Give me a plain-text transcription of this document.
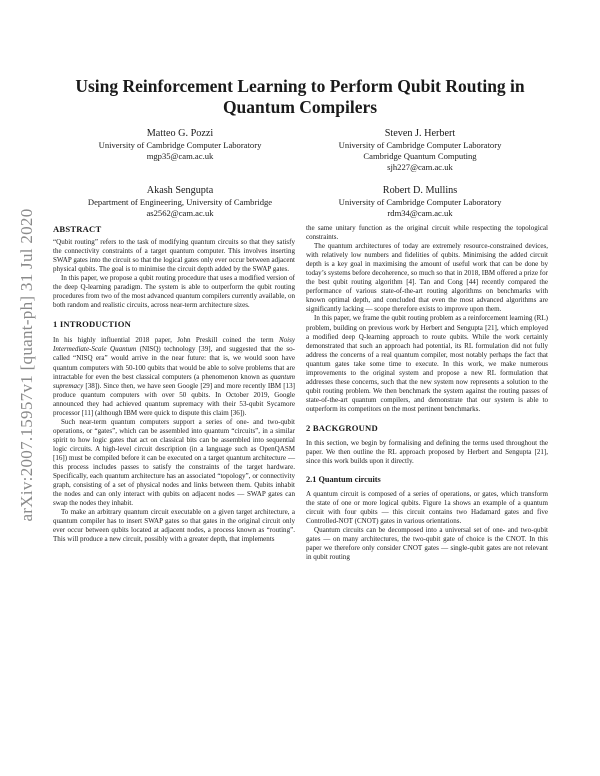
arXiv:2007.15957v1 [quant-ph] 31 Jul 2020
Using Reinforcement Learning to Perform Qubit Routing in
Quantum Compilers
Matteo G. Pozzi
University of Cambridge Computer Laboratory
mgp35@cam.ac.uk
Steven J. Herbert
University of Cambridge Computer Laboratory
Cambridge Quantum Computing
sjh227@cam.ac.uk
Akash Sengupta
Department of Engineering, University of Cambridge
as2562@cam.ac.uk
Robert D. Mullins
University of Cambridge Computer Laboratory
rdm34@cam.ac.uk
ABSTRACT

“Qubit routing” refers to the task of modifying quantum circuits so that they satisfy the connectivity constraints of a target quantum computer. This involves inserting SWAP gates into the circuit so that the logical gates only ever occur between adjacent physical qubits. The goal is to minimise the circuit depth added by the SWAP gates.

In this paper, we propose a qubit routing procedure that uses a modified version of the deep Q-learning paradigm. The system is able to outperform the qubit routing procedures from two of the most advanced quantum compilers currently available, on both random and realistic circuits, across near-term architecture sizes.

1 INTRODUCTION

In his highly influential 2018 paper, John Preskill coined the term Noisy Intermediate-Scale Quantum (NISQ) technology [39], and suggested that the so-called “NISQ era” would arrive in the near future: that is, we would soon have quantum computers with 50-100 qubits that would be able to solve problems that are intractable for even the best classical computers (a phenomenon known as quantum supremacy [38]). Since then, we have seen Google [29] and more recently IBM [13] produce quantum computers with over 50 qubits. In October 2019, Google announced they had achieved quantum supremacy with their 53-qubit Sycamore processor [11] (although IBM were quick to dispute this claim [36]).

Such near-term quantum computers support a series of one- and two-qubit operations, or “gates”, which can be assembled into quantum “circuits”, in a similar spirit to how logic gates that act on classical bits can be assembled into sequential logic circuits. A high-level circuit description (in a language such as OpenQASM [16]) must be compiled before it can be executed on a target quantum architecture — this process includes passes to satisfy the constraints of the target hardware. Specifically, each quantum architecture has an associated “topology”, or connectivity graph, consisting of a set of physical nodes and links between them. Qubits inhabit the nodes and can only interact with qubits on adjacent nodes — SWAP gates can swap the nodes they inhabit.

To make an arbitrary quantum circuit executable on a given target architecture, a quantum compiler has to insert SWAP gates so that gates in the original circuit only ever occur between qubits located at adjacent nodes, a process known as “routing”. This will produce a new circuit, possibly with a greater depth, that implements

the same unitary function as the original circuit while respecting the topological constraints.

The quantum architectures of today are extremely resource-constrained devices, with relatively low numbers and fidelities of qubits. Minimising the added circuit depth is a key goal in maximising the amount of useful work that can be done by today’s systems before decoherence, so much so that in 2018, IBM offered a prize for the best qubit routing algorithm [4]. Tan and Cong [44] recently compared the performance of various state-of-the-art routing algorithms on benchmarks with known optimal depth, and concluded that even the most advanced algorithms are significantly lacking — scope therefore exists to improve upon them.

In this paper, we frame the qubit routing problem as a reinforcement learning (RL) problem, building on previous work by Herbert and Sengupta [21], which employed a modified deep Q-learning approach to route qubits. While the work certainly demonstrated that such an approach had potential, its RL formulation did not fully address the concerns of a real quantum compiler, most notably perhaps the fact that quantum gates take some time to execute. In this work, we make numerous improvements to the original system and propose a new RL formulation that addresses these concerns, such that the new system now represents a solution to the qubit routing problem. We then benchmark the system against the routing passes of state-of-the-art quantum compilers, and demonstrate that our system is able to outperform its competitors on the most pertinent benchmarks.

2 BACKGROUND

In this section, we begin by formalising and defining the terms used throughout the paper. We then outline the RL approach proposed by Herbert and Sengupta [21], since this work builds upon it directly.

2.1 Quantum circuits

A quantum circuit is composed of a series of operations, or gates, which transform the state of one or more logical qubits. Figure 1a shows an example of a quantum circuit with four qubits — this circuit contains two Hadamard gates and five Controlled-NOT (CNOT) gates in various orientations.

Quantum circuits can be decomposed into a universal set of one- and two-qubit gates — on many architectures, the two-qubit gate of choice is the CNOT. In this paper we therefore only consider CNOT gates — single-qubit gates are not relevant in qubit routing
